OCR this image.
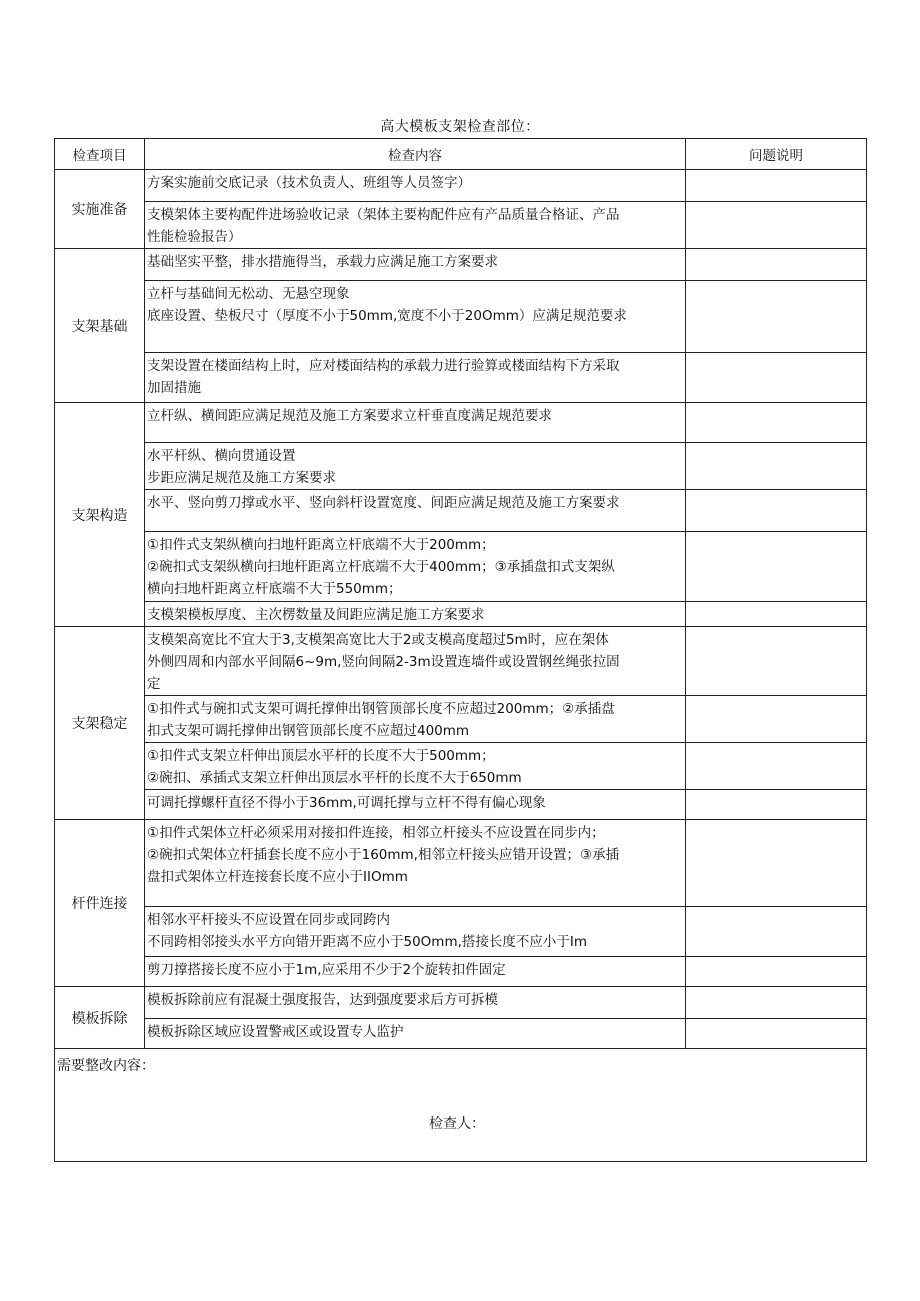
高大模板支架检查部位：
检查项目	检查内容	问题说明
实施准备	方案实施前交底记录（技术负责人、班组等人员签字）	

	支模架体主要构配件进场验收记录（架体主要构配件应有产品质量合格证、产品
性能检验报告）	

支架基础	基础坚实平整，排水措施得当，承载力应满足施工方案要求	

	立杆与基础间无松动、无悬空现象
底座设置、垫板尺寸（厚度不小于50mm,宽度不小于20Omm）应满足规范要求	

	支架设置在楼面结构上时，应对楼面结构的承载力进行验算或楼面结构下方采取
加固措施	

支架构造	立杆纵、横间距应满足规范及施工方案要求立杆垂直度满足规范要求	

	水平杆纵、横向贯通设置
步距应满足规范及施工方案要求	

	水平、竖向剪刀撑或水平、竖向斜杆设置宽度、间距应满足规范及施工方案要求	

	①扣件式支架纵横向扫地杆距离立杆底端不大于200mm；
②碗扣式支架纵横向扫地杆距离立杆底端不大于400mm；③承插盘扣式支架纵
横向扫地杆距离立杆底端不大于550mm；	

	支模架模板厚度、主次楞数量及间距应满足施工方案要求	

支架稳定	支模架高宽比不宜大于3,支模架高宽比大于2或支模高度超过5m时，应在架体
外侧四周和内部水平间隔6~9m,竖向间隔2-3m设置连墙件或设置钢丝绳张拉固
定	

	①扣件式与碗扣式支架可调托撑伸出钢管顶部长度不应超过200mm；②承插盘
扣式支架可调托撑伸出钢管顶部长度不应超过400mm	

	①扣件式支架立杆伸出顶层水平杆的长度不大于500mm；
②碗扣、承插式支架立杆伸出顶层水平杆的长度不大于650mm	

	可调托撑螺杆直径不得小于36mm,可调托撑与立杆不得有偏心现象	

杆件连接	①扣件式架体立杆必须采用对接扣件连接，相邻立杆接头不应设置在同步内；
②碗扣式架体立杆插套长度不应小于160mm,相邻立杆接头应错开设置；③承插
盘扣式架体立杆连接套长度不应小于IIOmm	

	相邻水平杆接头不应设置在同步或同跨内
不同跨相邻接头水平方向错开距离不应小于50Omm,搭接长度不应小于Im	

	剪刀撑搭接长度不应小于1m,应采用不少于2个旋转扣件固定	

模板拆除	模板拆除前应有混凝土强度报告，达到强度要求后方可拆模	

	模板拆除区域应设置警戒区或设置专人监护	

需要整改内容：
检查人：		
